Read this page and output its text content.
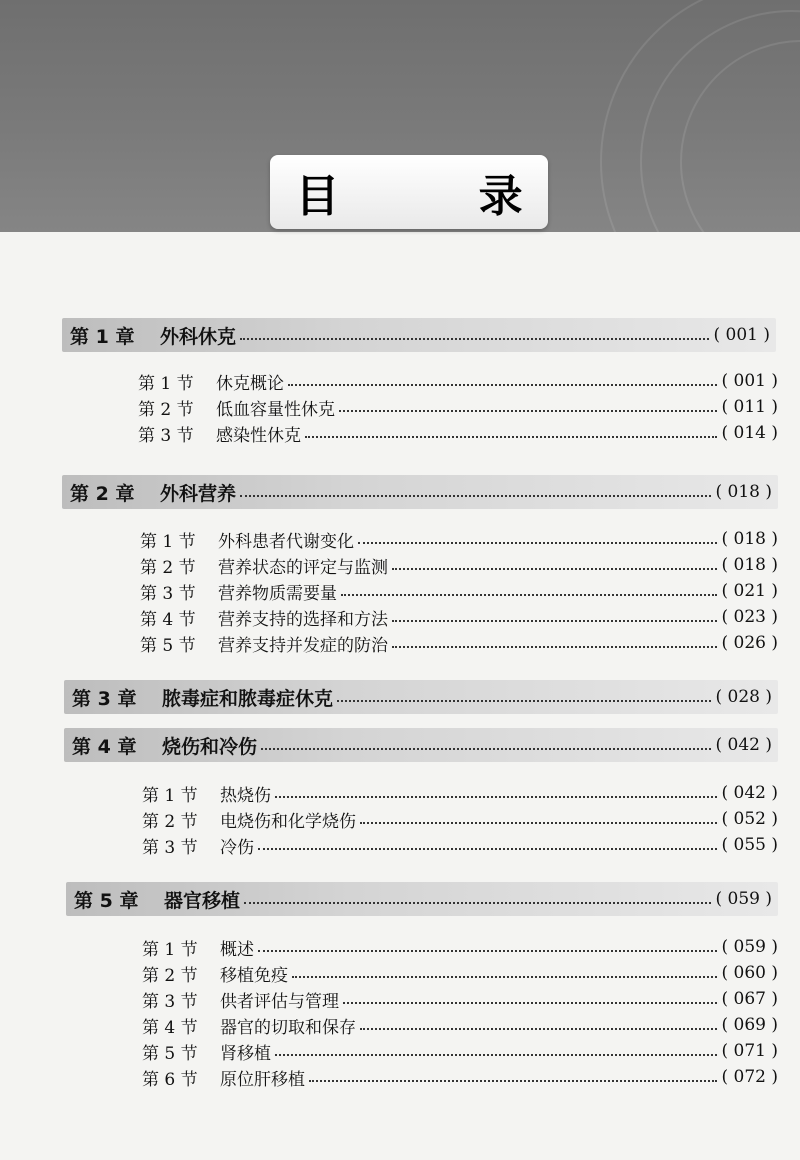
目 录
第 1 章	外科休克	( 001 )
第 1 节	休克概论	( 001 )
第 2 节	低血容量性休克	( 011 )
第 3 节	感染性休克	( 014 )
第 2 章	外科营养	( 018 )
第 1 节	外科患者代谢变化	( 018 )
第 2 节	营养状态的评定与监测	( 018 )
第 3 节	营养物质需要量	( 021 )
第 4 节	营养支持的选择和方法	( 023 )
第 5 节	营养支持并发症的防治	( 026 )
第 3 章	脓毒症和脓毒症休克	( 028 )
第 4 章	烧伤和冷伤	( 042 )
第 1 节	热烧伤	( 042 )
第 2 节	电烧伤和化学烧伤	( 052 )
第 3 节	冷伤	( 055 )
第 5 章	器官移植	( 059 )
第 1 节	概述	( 059 )
第 2 节	移植免疫	( 060 )
第 3 节	供者评估与管理	( 067 )
第 4 节	器官的切取和保存	( 069 )
第 5 节	肾移植	( 071 )
第 6 节	原位肝移植	( 072 )
